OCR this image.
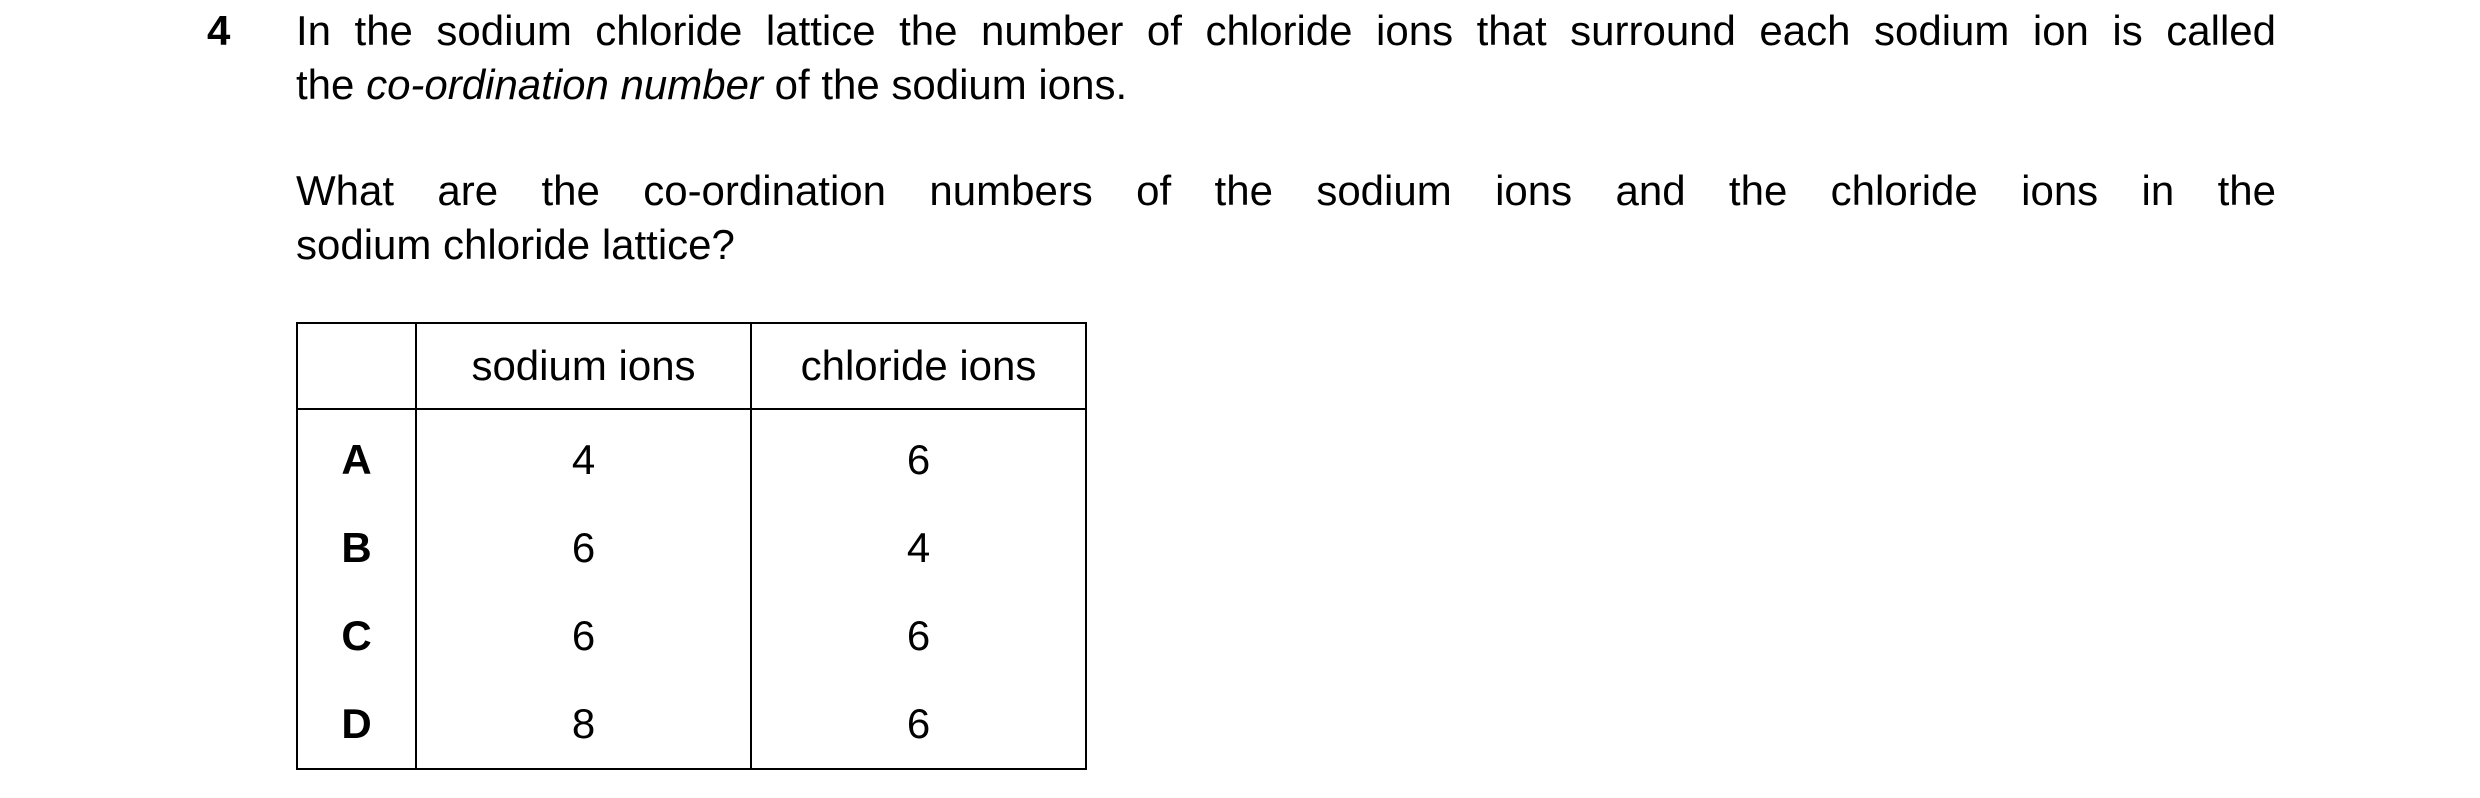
4 In the sodium chloride lattice the number of chloride ions that surround each sodium ion is called
the co-ordination number of the sodium ions.

What are the co-ordination numbers of the sodium ions and the chloride ions in the
sodium chloride lattice?

	sodium ions	chloride ions
A	4	6
B	6	4
C	6	6
D	8	6
